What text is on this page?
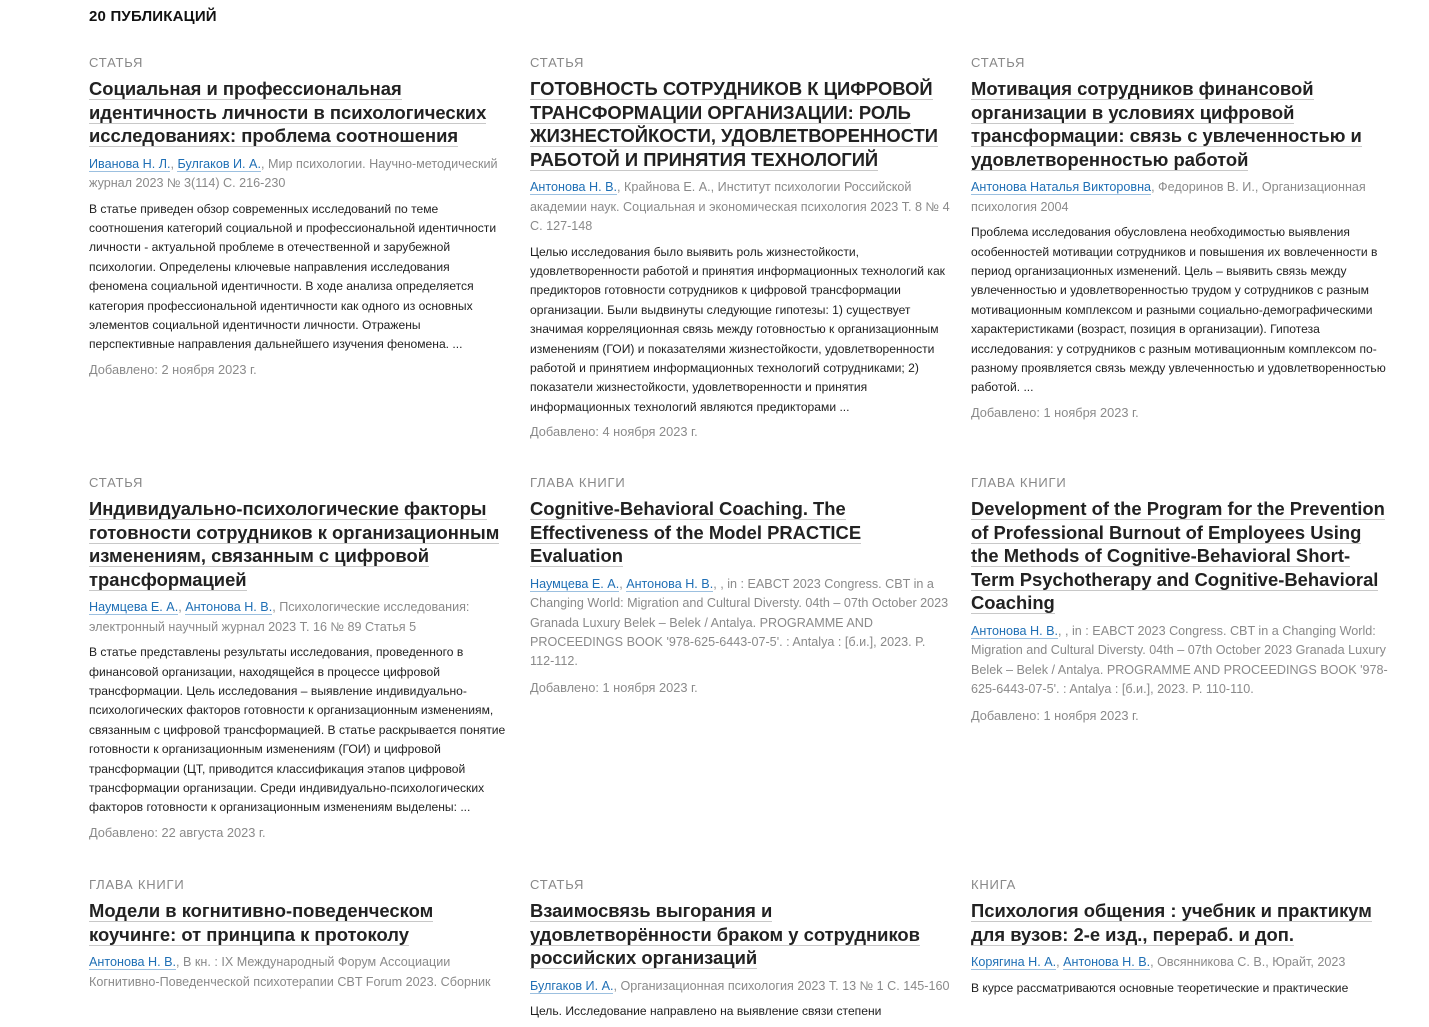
20 ПУБЛИКАЦИЙ
СТАТЬЯ
Социальная и профессиональная идентичность личности в психологических исследованиях: проблема соотношения
Иванова Н. Л., Булгаков И. А., Мир психологии. Научно-методический журнал 2023 № 3(114) С. 216-230
В статье приведен обзор современных исследований по теме соотношения категорий социальной и профессиональной идентичности личности - актуальной проблеме в отечественной и зарубежной психологии. Определены ключевые направления исследования феномена социальной идентичности. В ходе анализа определяется категория профессиональной идентичности как одного из основных элементов социальной идентичности личности. Отражены перспективные направления дальнейшего изучения феномена. ...
Добавлено: 2 ноября 2023 г.
СТАТЬЯ
ГОТОВНОСТЬ СОТРУДНИКОВ К ЦИФРОВОЙ ТРАНСФОРМАЦИИ ОРГАНИЗАЦИИ: РОЛЬ ЖИЗНЕСТОЙКОСТИ, УДОВЛЕТВОРЕННОСТИ РАБОТОЙ И ПРИНЯТИЯ ТЕХНОЛОГИЙ
Антонова Н. В., Крайнова Е. А., Институт психологии Российской академии наук. Социальная и экономическая психология 2023 Т. 8 № 4 С. 127-148
Целью исследования было выявить роль жизнестойкости, удовлетворенности работой и принятия информационных технологий как предикторов готовности сотрудников к цифровой трансформации организации. Были выдвинуты следующие гипотезы: 1) существует значимая корреляционная связь между готовностью к организационным изменениям (ГОИ) и показателями жизнестойкости, удовлетворенности работой и принятием информационных технологий сотрудниками; 2) показатели жизнестойкости, удовлетворенности и принятия информационных технологий являются предикторами ...
Добавлено: 4 ноября 2023 г.
СТАТЬЯ
Мотивация сотрудников финансовой организации в условиях цифровой трансформации: связь с увлеченностью и удовлетворенностью работой
Антонова Наталья Викторовна, Федоринов В. И., Организационная психология 2004
Проблема исследования обусловлена необходимостью выявления особенностей мотивации сотрудников и повышения их вовлеченности в период организационных изменений. Цель – выявить связь между увлеченностью и удовлетворенностью трудом у сотрудников с разным мотивационным комплексом и разными социально-демографическими характеристиками (возраст, позиция в организации). Гипотеза исследования: у сотрудников с разным мотивационным комплексом по-разному проявляется связь между увлеченностью и удовлетворенностью работой. ...
Добавлено: 1 ноября 2023 г.
СТАТЬЯ
Индивидуально-психологические факторы готовности сотрудников к организационным изменениям, связанным с цифровой трансформацией
Наумцева Е. А., Антонова Н. В., Психологические исследования: электронный научный журнал 2023 Т. 16 № 89 Статья 5
В статье представлены результаты исследования, проведенного в финансовой организации, находящейся в процессе цифровой трансформации. Цель исследования – выявление индивидуально-психологических факторов готовности к организационным изменениям, связанным с цифровой трансформацией. В статье раскрывается понятие готовности к организационным изменениям (ГОИ) и цифровой трансформации (ЦТ, приводится классификация этапов цифровой трансформации организации. Среди индивидуально-психологических факторов готовности к организационным изменениям выделены: ...
Добавлено: 22 августа 2023 г.
ГЛАВА КНИГИ
Cognitive-Behavioral Coaching. The Effectiveness of the Model PRACTICE Evaluation
Наумцева Е. А., Антонова Н. В., , in : EABCT 2023 Congress. CBT in a Changing World: Migration and Cultural Diversty. 04th – 07th October 2023 Granada Luxury Belek – Belek / Antalya. PROGRAMME AND PROCEEDINGS BOOK '978-625-6443-07-5'. : Antalya : [б.и.], 2023. P. 112-112.
Добавлено: 1 ноября 2023 г.
ГЛАВА КНИГИ
Development of the Program for the Prevention of Professional Burnout of Employees Using the Methods of Cognitive-Behavioral Short-Term Psychotherapy and Cognitive-Behavioral Coaching
Антонова Н. В., , in : EABCT 2023 Congress. CBT in a Changing World: Migration and Cultural Diversty. 04th – 07th October 2023 Granada Luxury Belek – Belek / Antalya. PROGRAMME AND PROCEEDINGS BOOK '978-625-6443-07-5'. : Antalya : [б.и.], 2023. P. 110-110.
Добавлено: 1 ноября 2023 г.
ГЛАВА КНИГИ
Модели в когнитивно-поведенческом коучинге: от принципа к протоколу
Антонова Н. В., В кн. : IX Международный Форум Ассоциации Когнитивно-Поведенческой психотерапии CBT Forum 2023. Сборник
СТАТЬЯ
Взаимосвязь выгорания и удовлетворённости браком у сотрудников российских организаций
Булгаков И. А., Организационная психология 2023 Т. 13 № 1 С. 145-160
Цель. Исследование направлено на выявление связи степени
КНИГА
Психология общения : учебник и практикум для вузов: 2-е изд., перераб. и доп.
Корягина Н. А., Антонова Н. В., Овсянникова С. В., Юрайт, 2023
В курсе рассматриваются основные теоретические и практические
